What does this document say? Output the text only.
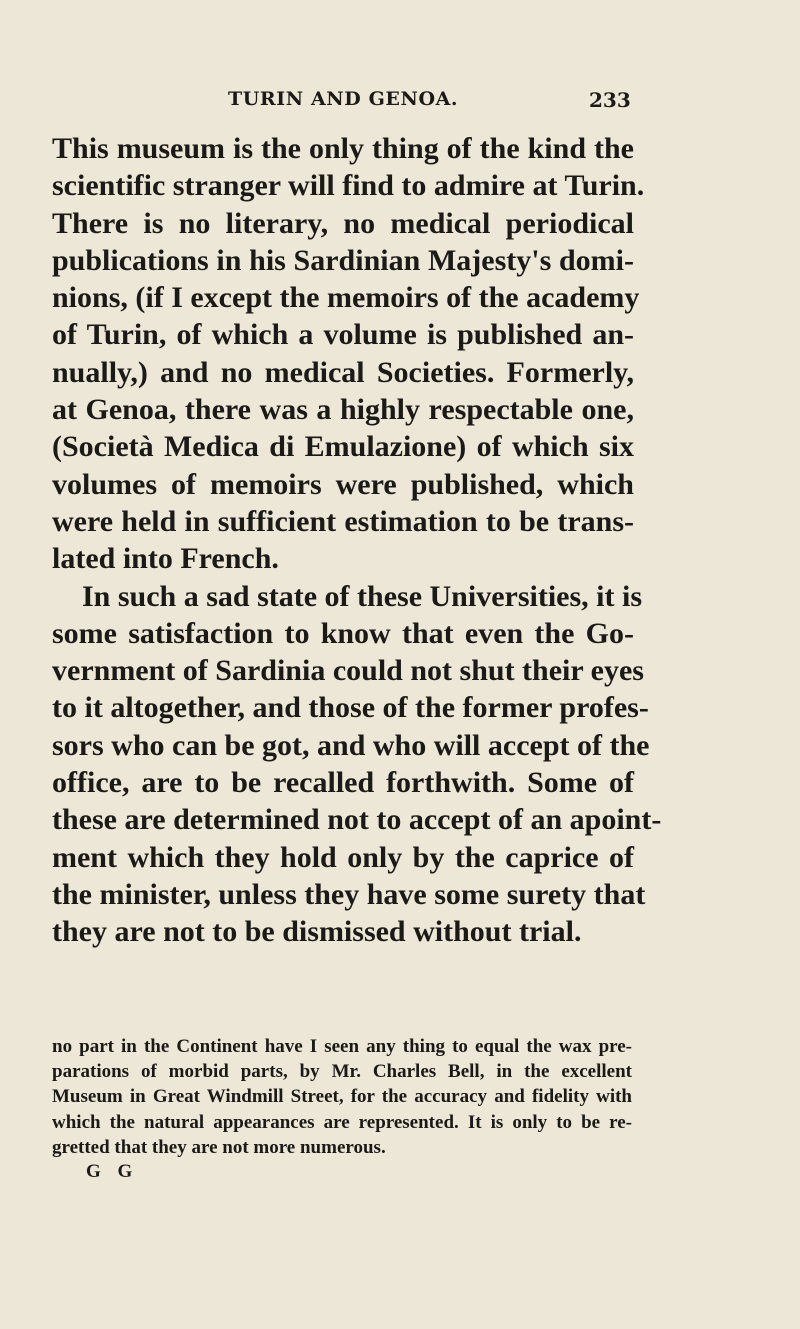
TURIN AND GENOA.	233
This museum is the only thing of the kind the
scientific stranger will find to admire at Turin.
There is no literary, no medical periodical
publications in his Sardinian Majesty's domi-
nions, (if I except the memoirs of the academy
of Turin, of which a volume is published an-
nually,) and no medical Societies. Formerly,
at Genoa, there was a highly respectable one,
(Società Medica di Emulazione) of which six
volumes of memoirs were published, which
were held in sufficient estimation to be trans-
lated into French.
In such a sad state of these Universities, it is
some satisfaction to know that even the Go-
vernment of Sardinia could not shut their eyes
to it altogether, and those of the former profes-
sors who can be got, and who will accept of the
office, are to be recalled forthwith. Some of
these are determined not to accept of an apoint-
ment which they hold only by the caprice of
the minister, unless they have some surety that
they are not to be dismissed without trial.
no part in the Continent have I seen any thing to equal the wax pre-
parations of morbid parts, by Mr. Charles Bell, in the excellent
Museum in Great Windmill Street, for the accuracy and fidelity with
which the natural appearances are represented. It is only to be re-
gretted that they are not more numerous.
G G
